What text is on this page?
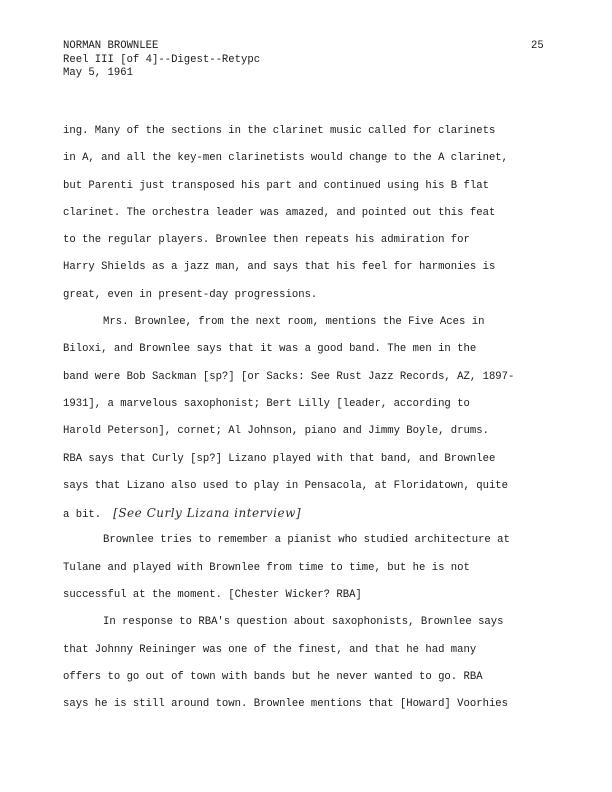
NORMAN BROWNLEE
Reel III [of 4]--Digest--Retypc
May 5, 1961
25
ing. Many of the sections in the clarinet music called for clarinets
in A, and all the key-men clarinetists would change to the A clarinet,
but Parenti just transposed his part and continued using his B flat
clarinet. The orchestra leader was amazed, and pointed out this feat
to the regular players. Brownlee then repeats his admiration for
Harry Shields as a jazz man, and says that his feel for harmonies is
great, even in present-day progressions.
Mrs. Brownlee, from the next room, mentions the Five Aces in
Biloxi, and Brownlee says that it was a good band. The men in the
band were Bob Sackman [sp?] [or Sacks: See Rust Jazz Records, AZ, 1897-
1931], a marvelous saxophonist; Bert Lilly [leader, according to
Harold Peterson], cornet; Al Johnson, piano and Jimmy Boyle, drums.
RBA says that Curly [sp?] Lizano played with that band, and Brownlee
says that Lizano also used to play in Pensacola, at Floridatown, quite
a bit. [See Curly Lizana interview]
Brownlee tries to remember a pianist who studied architecture at
Tulane and played with Brownlee from time to time, but he is not
successful at the moment. [Chester Wicker? RBA]
In response to RBA's question about saxophonists, Brownlee says
that Johnny Reininger was one of the finest, and that he had many
offers to go out of town with bands but he never wanted to go. RBA
says he is still around town. Brownlee mentions that [Howard] Voorhies
